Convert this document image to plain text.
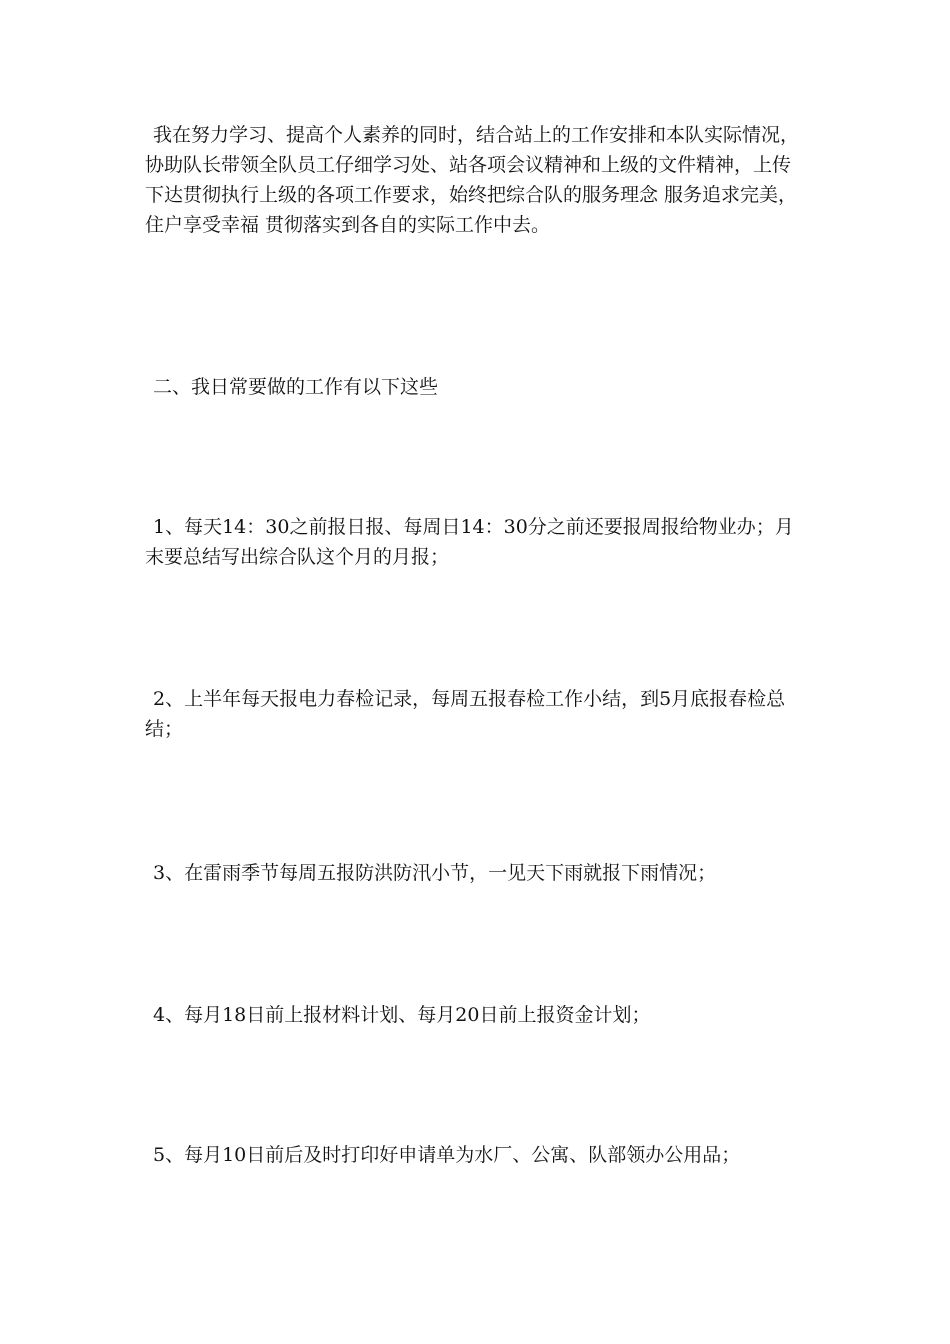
我在努力学习、提高个人素养的同时，结合站上的工作安排和本队实际情况，协助队长带领全队员工仔细学习处、站各项会议精神和上级的文件精神，上传下达贯彻执行上级的各项工作要求，始终把综合队的服务理念 服务追求完美，住户享受幸福 贯彻落实到各自的实际工作中去。

二、我日常要做的工作有以下这些

1、每天14：30之前报日报、每周日14：30分之前还要报周报给物业办；月末要总结写出综合队这个月的月报；

2、上半年每天报电力春检记录，每周五报春检工作小结，到5月底报春检总结；

3、在雷雨季节每周五报防洪防汛小节，一见天下雨就报下雨情况；

4、每月18日前上报材料计划、每月20日前上报资金计划；

5、每月10日前后及时打印好申请单为水厂、公寓、队部领办公用品；
